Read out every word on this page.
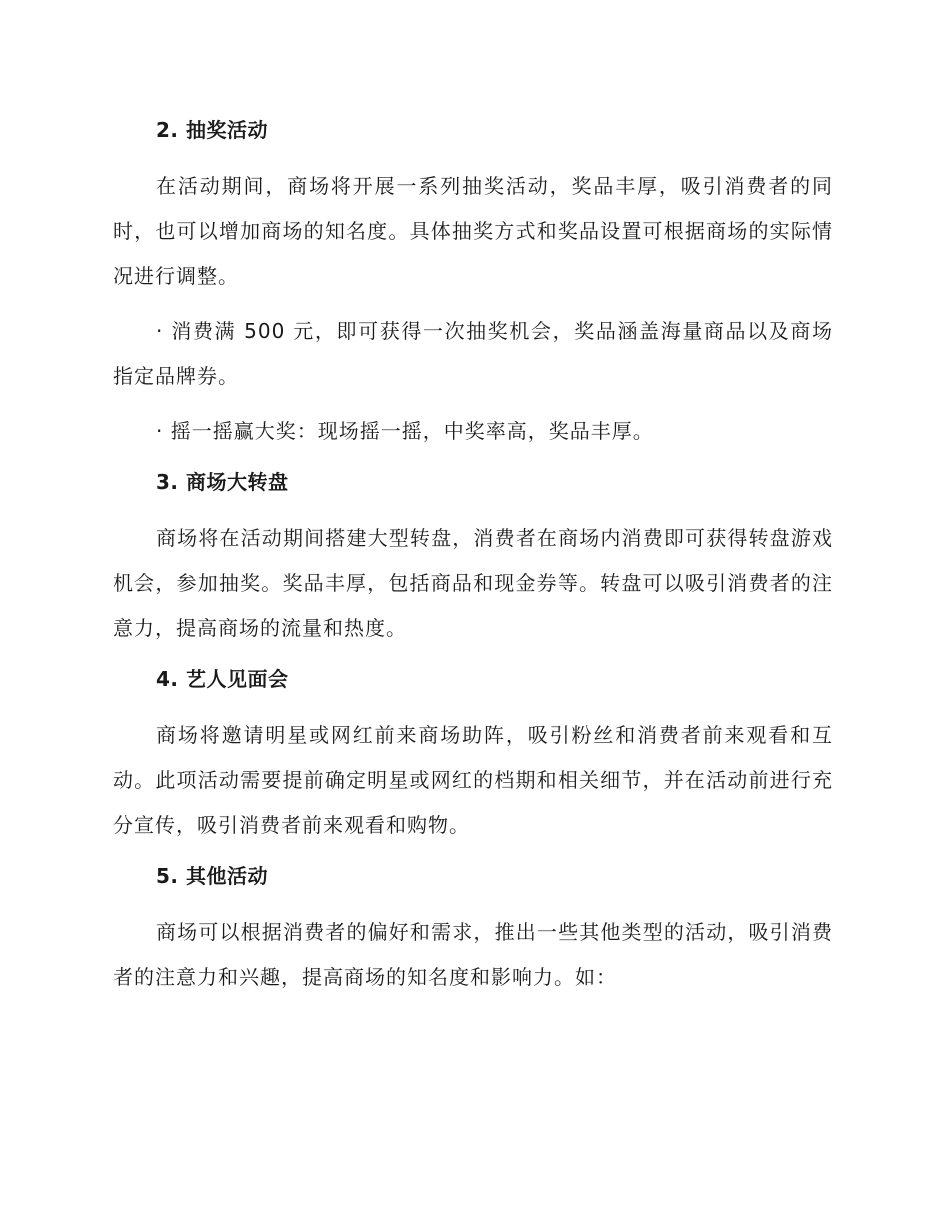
2. 抽奖活动

在活动期间，商场将开展一系列抽奖活动，奖品丰厚，吸引消费者的同时，也可以增加商场的知名度。具体抽奖方式和奖品设置可根据商场的实际情况进行调整。

· 消费满 500 元，即可获得一次抽奖机会，奖品涵盖海量商品以及商场指定品牌券。

· 摇一摇赢大奖：现场摇一摇，中奖率高，奖品丰厚。

3. 商场大转盘

商场将在活动期间搭建大型转盘，消费者在商场内消费即可获得转盘游戏机会，参加抽奖。奖品丰厚，包括商品和现金券等。转盘可以吸引消费者的注意力，提高商场的流量和热度。

4. 艺人见面会

商场将邀请明星或网红前来商场助阵，吸引粉丝和消费者前来观看和互动。此项活动需要提前确定明星或网红的档期和相关细节，并在活动前进行充分宣传，吸引消费者前来观看和购物。

5. 其他活动

商场可以根据消费者的偏好和需求，推出一些其他类型的活动，吸引消费者的注意力和兴趣，提高商场的知名度和影响力。如：
